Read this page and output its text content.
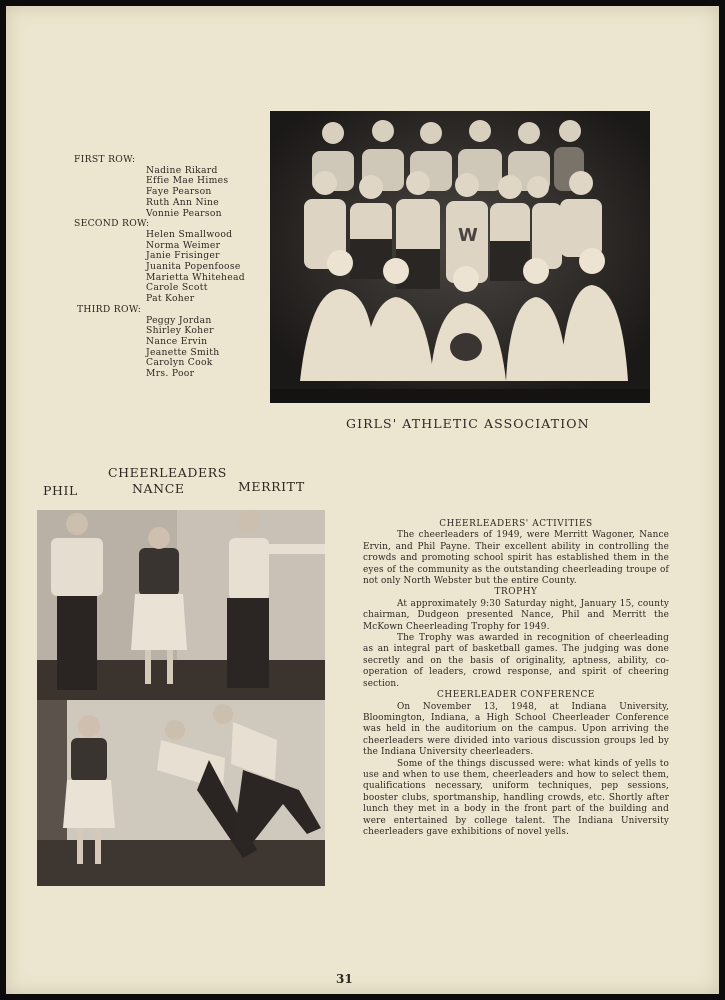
FIRST ROW:
Nadine Rikard
Effie Mae Himes
Faye Pearson
Ruth Ann Nine
Vonnie Pearson
SECOND ROW:
Helen Smallwood
Norma Weimer
Janie Frisinger
Juanita Popenfoose
Marietta Whitehead
Carole Scott
Pat Koher
THIRD ROW:
Peggy Jordan
Shirley Koher
Nance Ervin
Jeanette Smith
Carolyn Cook
Mrs. Poor
W
GIRLS' ATHLETIC ASSOCIATION
CHEERLEADERS
PHIL	NANCE	MERRITT
CHEERLEADERS' ACTIVITIES

The cheerleaders of 1949, were Merritt Wagoner, Nance Ervin, and Phil Payne. Their excellent ability in controlling the crowds and promoting school spirit has established them in the eyes of the community as the outstanding cheerleading troupe of not only North Webster but the entire County.

TROPHY

At approximately 9:30 Saturday night, January 15, county chairman, Dudgeon presented Nance, Phil and Merritt the McKown Cheerleading Trophy for 1949.

The Trophy was awarded in recognition of cheerleading as an integral part of basketball games. The judging was done secretly and on the basis of originality, aptness, ability, co-operation of leaders, crowd response, and spirit of cheering section.

CHEERLEADER CONFERENCE

On November 13, 1948, at Indiana University, Bloomington, Indiana, a High School Cheerleader Conference was held in the auditorium on the campus. Upon arriving the cheerleaders were divided into various discussion groups led by the Indiana University cheerleaders.

Some of the things discussed were: what kinds of yells to use and when to use them, cheerleaders and how to select them, qualifications necessary, uniform techniques, pep sessions, booster clubs, sportmanship, handling crowds, etc. Shortly after lunch they met in a body in the front part of the building and were entertained by college talent. The Indiana University cheerleaders gave exhibitions of novel yells.

31
